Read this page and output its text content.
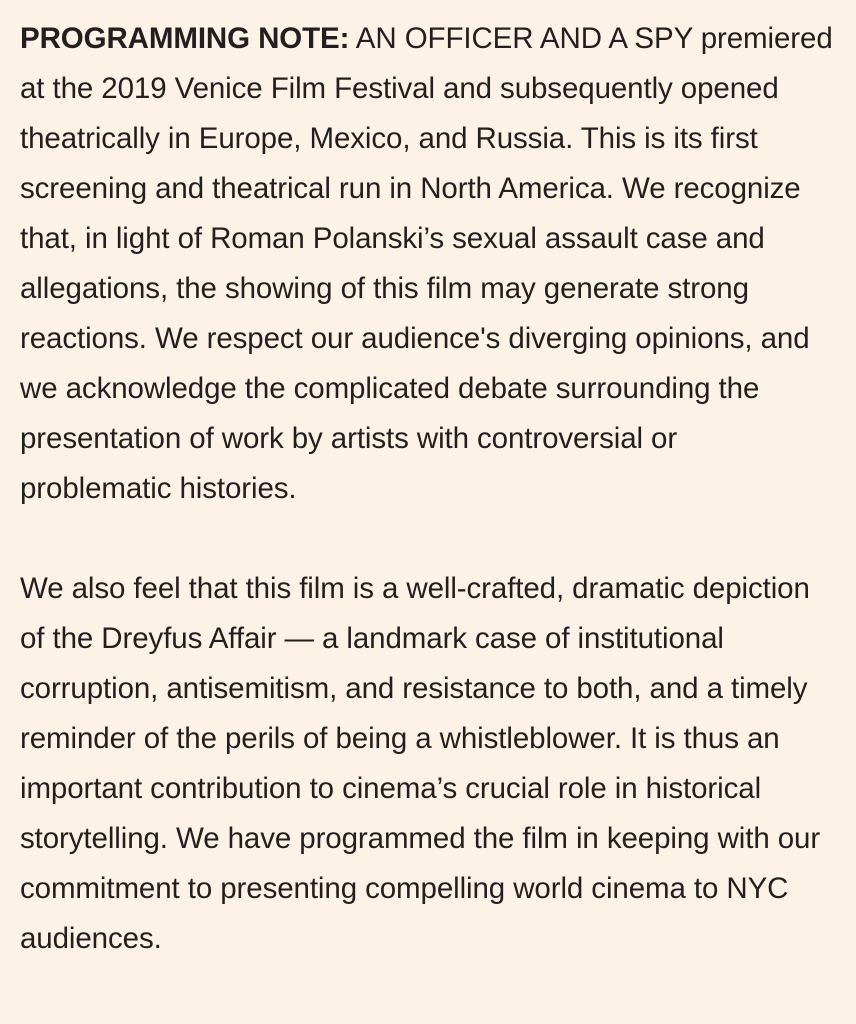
PROGRAMMING NOTE: AN OFFICER AND A SPY premiered at the 2019 Venice Film Festival and subsequently opened theatrically in Europe, Mexico, and Russia. This is its first screening and theatrical run in North America. We recognize that, in light of Roman Polanski’s sexual assault case and allegations, the showing of this film may generate strong reactions. We respect our audience's diverging opinions, and we acknowledge the complicated debate surrounding the presentation of work by artists with controversial or problematic histories.

We also feel that this film is a well-crafted, dramatic depiction of the Dreyfus Affair — a landmark case of institutional corruption, antisemitism, and resistance to both, and a timely reminder of the perils of being a whistleblower. It is thus an important contribution to cinema’s crucial role in historical storytelling. We have programmed the film in keeping with our commitment to presenting compelling world cinema to NYC audiences.
